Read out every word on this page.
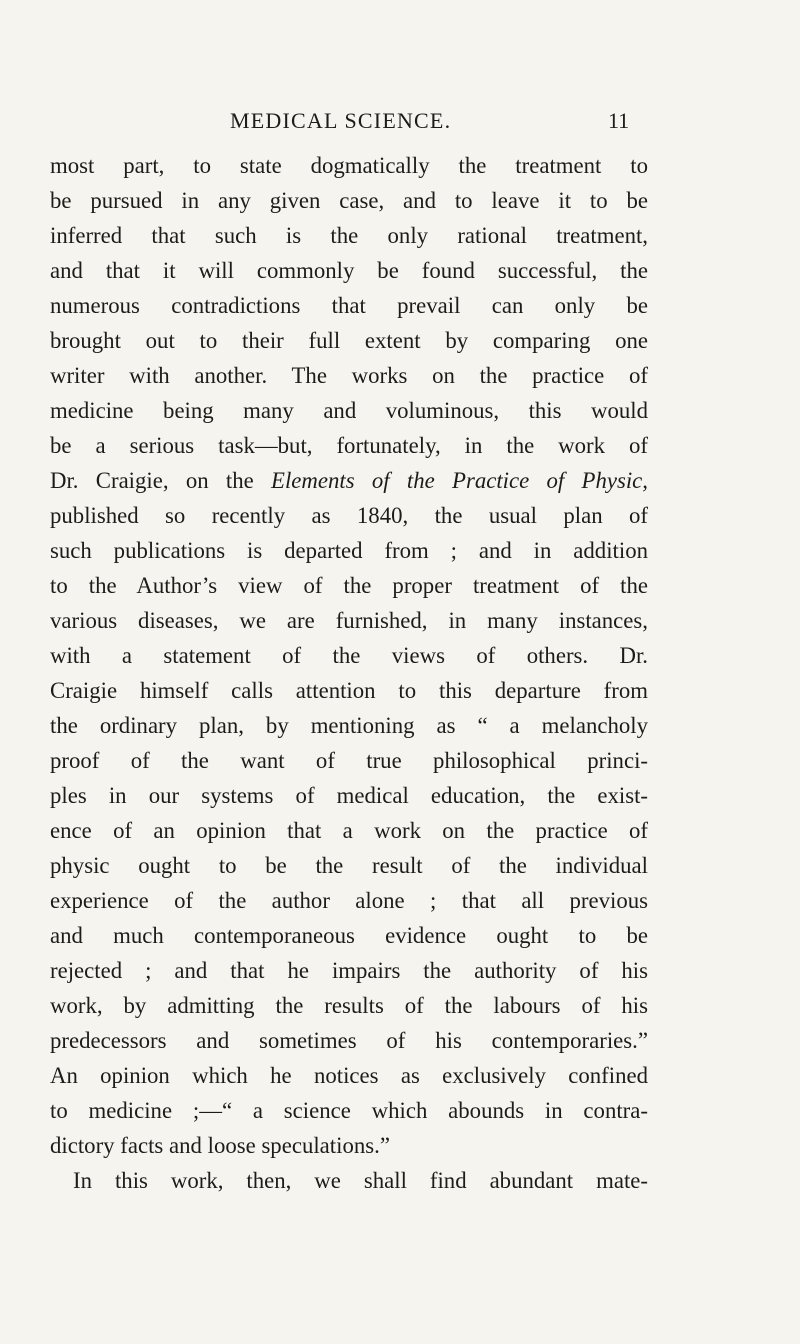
MEDICAL SCIENCE.	11
most part, to state dogmatically the treatment to
be pursued in any given case, and to leave it to be
inferred that such is the only rational treatment,
and that it will commonly be found successful, the
numerous contradictions that prevail can only be
brought out to their full extent by comparing one
writer with another. The works on the practice of
medicine being many and voluminous, this would
be a serious task—but, fortunately, in the work of
Dr. Craigie, on the Elements of the Practice of Physic,
published so recently as 1840, the usual plan of
such publications is departed from ; and in addition
to the Author’s view of the proper treatment of the
various diseases, we are furnished, in many instances,
with a statement of the views of others. Dr.
Craigie himself calls attention to this departure from
the ordinary plan, by mentioning as “ a melancholy
proof of the want of true philosophical princi-
ples in our systems of medical education, the exist-
ence of an opinion that a work on the practice of
physic ought to be the result of the individual
experience of the author alone ; that all previous
and much contemporaneous evidence ought to be
rejected ; and that he impairs the authority of his
work, by admitting the results of the labours of his
predecessors and sometimes of his contemporaries.”
An opinion which he notices as exclusively confined
to medicine ;—“ a science which abounds in contra-
dictory facts and loose speculations.”
In this work, then, we shall find abundant mate-
